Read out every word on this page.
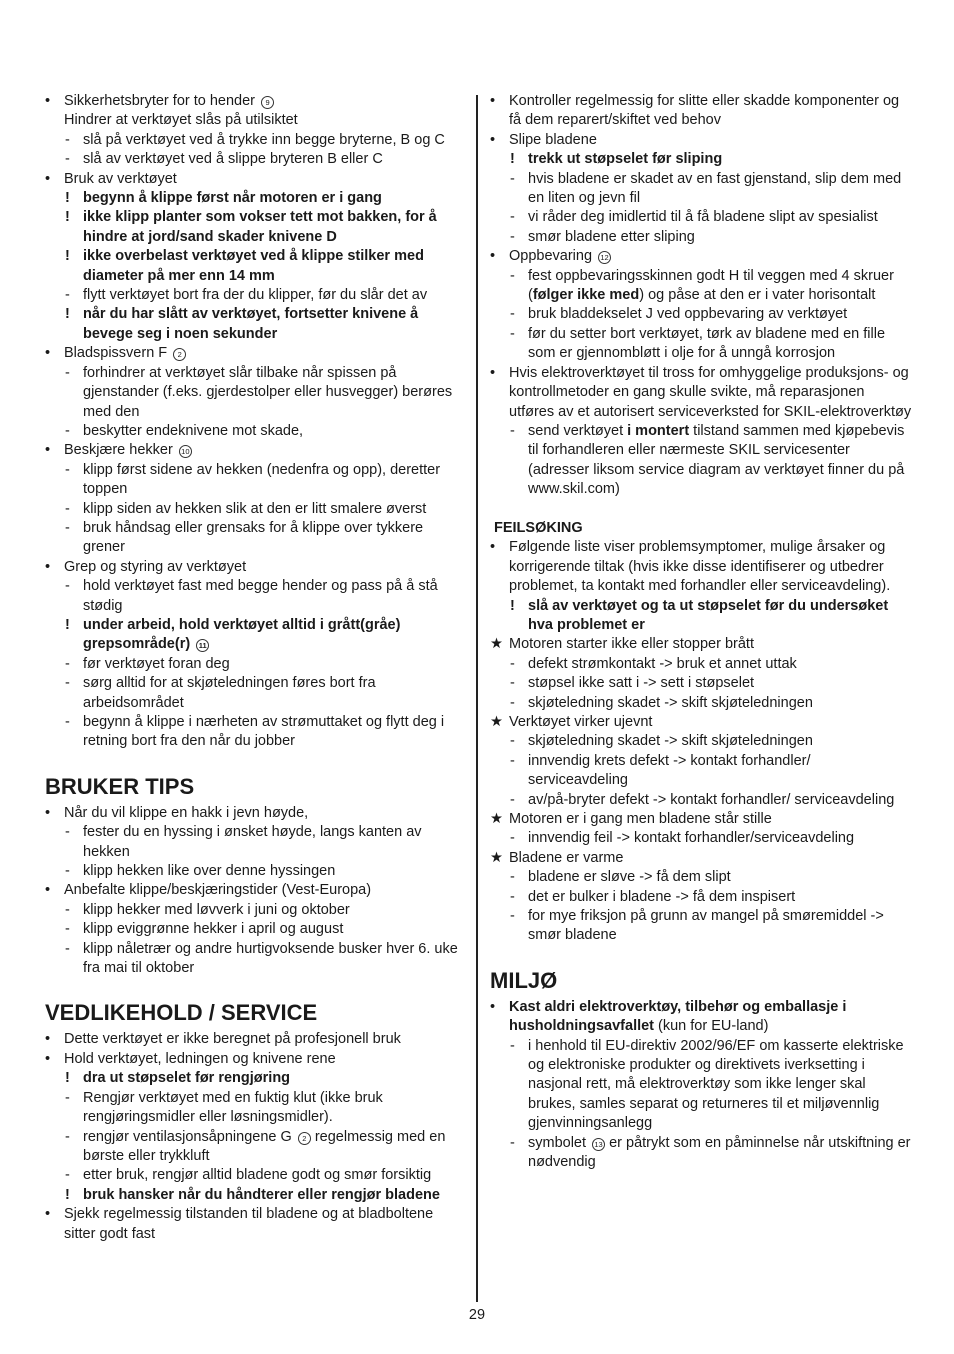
• Sikkerhetsbryter for to hender 9
Hindrer at verktøyet slås på utilsiktet
- slå på verktøyet ved å trykke inn begge bryterne, B og C
- slå av verktøyet ved å slippe bryteren B eller C
• Bruk av verktøyet
! begynn å klippe først når motoren er i gang
! ikke klipp planter som vokser tett mot bakken, for å hindre at jord/sand skader knivene D
! ikke overbelast verktøyet ved å klippe stilker med diameter på mer enn 14 mm
- flytt verktøyet bort fra der du klipper, før du slår det av
! når du har slått av verktøyet, fortsetter knivene å bevege seg i noen sekunder
• Bladspissvern F 2
- forhindrer at verktøyet slår tilbake når spissen på gjenstander (f.eks. gjerdestolper eller husvegger) berøres med den
- beskytter endeknivene mot skade,
• Beskjære hekker 10
- klipp først sidene av hekken (nedenfra og opp), deretter toppen
- klipp siden av hekken slik at den er litt smalere øverst
- bruk håndsag eller grensaks for å klippe over tykkere grener
• Grep og styring av verktøyet
- hold verktøyet fast med begge hender og pass på å stå stødig
! under arbeid, hold verktøyet alltid i grått(gråe) grepsområde(r) 11
- før verktøyet foran deg
- sørg alltid for at skjøteledningen føres bort fra arbeidsområdet
- begynn å klippe i nærheten av strømuttaket og flytt deg i retning bort fra den når du jobber
BRUKER TIPS
• Når du vil klippe en hakk i jevn høyde,
- fester du en hyssing i ønsket høyde, langs kanten av hekken
- klipp hekken like over denne hyssingen
• Anbefalte klippe/beskjæringstider (Vest-Europa)
- klipp hekker med løvverk i juni og oktober
- klipp eviggrønne hekker i april og august
- klipp nåletrær og andre hurtigvoksende busker hver 6. uke fra mai til oktober
VEDLIKEHOLD / SERVICE
• Dette verktøyet er ikke beregnet på profesjonell bruk
• Hold verktøyet, ledningen og knivene rene
! dra ut støpselet før rengjøring
- Rengjør verktøyet med en fuktig klut (ikke bruk rengjøringsmidler eller løsningsmidler).
- rengjør ventilasjonsåpningene G 2 regelmessig med en børste eller trykkluft
- etter bruk, rengjør alltid bladene godt og smør forsiktig
! bruk hansker når du håndterer eller rengjør bladene
• Sjekk regelmessig tilstanden til bladene og at bladboltene sitter godt fast
• Kontroller regelmessig for slitte eller skadde komponenter og få dem reparert/skiftet ved behov
• Slipe bladene
! trekk ut støpselet før sliping
- hvis bladene er skadet av en fast gjenstand, slip dem med en liten og jevn fil
- vi råder deg imidlertid til å få bladene slipt av spesialist
- smør bladene etter sliping
• Oppbevaring 12
- fest oppbevaringsskinnen godt H til veggen med 4 skruer (følger ikke med) og påse at den er i vater horisontalt
- bruk bladdekselet J ved oppbevaring av verktøyet
- før du setter bort verktøyet, tørk av bladene med en fille som er gjennombløtt i olje for å unngå korrosjon
• Hvis elektroverktøyet til tross for omhyggelige produksjons- og kontrollmetoder en gang skulle svikte, må reparasjonen utføres av et autorisert serviceverksted for SKIL-elektroverktøy
- send verktøyet i montert tilstand sammen med kjøpebevis til forhandleren eller nærmeste SKIL servicesenter (adresser liksom service diagram av verktøyet finner du på www.skil.com)
FEILSØKING
• Følgende liste viser problemsymptomer, mulige årsaker og korrigerende tiltak (hvis ikke disse identifiserer og utbedrer problemet, ta kontakt med forhandler eller serviceavdeling).
! slå av verktøyet og ta ut støpselet før du undersøket hva problemet er
★ Motoren starter ikke eller stopper brått
- defekt strømkontakt -> bruk et annet uttak
- støpsel ikke satt i -> sett i støpselet
- skjøteledning skadet -> skift skjøteledningen
★ Verktøyet virker ujevnt
- skjøteledning skadet -> skift skjøteledningen
- innvendig krets defekt -> kontakt forhandler/ serviceavdeling
- av/på-bryter defekt -> kontakt forhandler/ serviceavdeling
★ Motoren er i gang men bladene står stille
- innvendig feil -> kontakt forhandler/serviceavdeling
★ Bladene er varme
- bladene er sløve -> få dem slipt
- det er bulker i bladene -> få dem inspisert
- for mye friksjon på grunn av mangel på smøremiddel -> smør bladene
MILJØ
• Kast aldri elektroverktøy, tilbehør og emballasje i husholdningsavfallet (kun for EU-land)
- i henhold til EU-direktiv 2002/96/EF om kasserte elektriske og elektroniske produkter og direktivets iverksetting i nasjonal rett, må elektroverktøy som ikke lenger skal brukes, samles separat og returneres til et miljøvennlig gjenvinningsanlegg
- symbolet 13 er påtrykt som en påminnelse når utskiftning er nødvendig
29
